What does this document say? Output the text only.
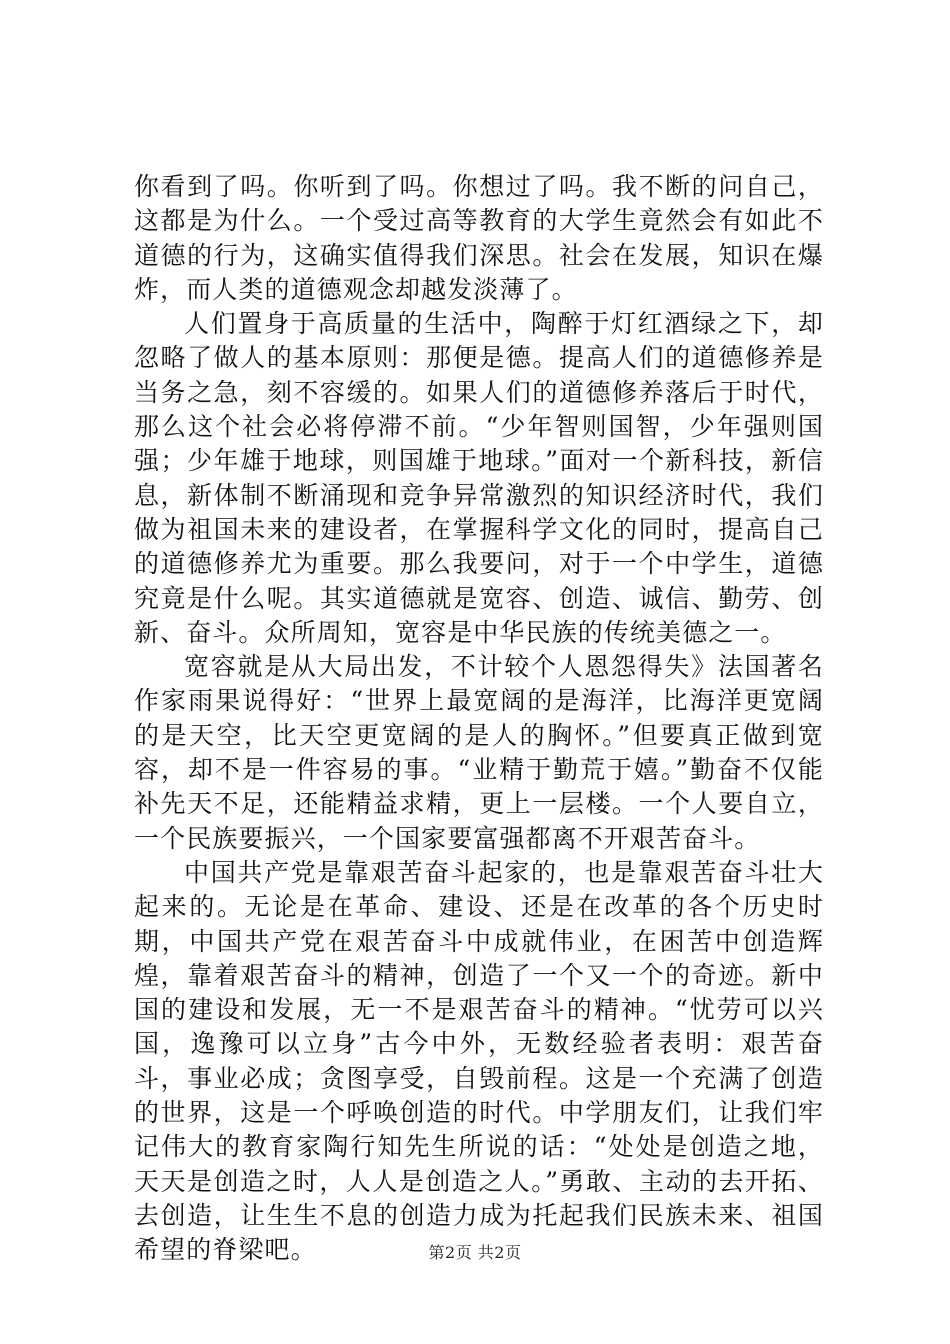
你看到了吗。你听到了吗。你想过了吗。我不断的问自己，这都是为什么。一个受过高等教育的大学生竟然会有如此不道德的行为，这确实值得我们深思。社会在发展，知识在爆炸，而人类的道德观念却越发淡薄了。

人们置身于高质量的生活中，陶醉于灯红酒绿之下，却忽略了做人的基本原则：那便是德。提高人们的道德修养是当务之急，刻不容缓的。如果人们的道德修养落后于时代，那么这个社会必将停滞不前。“少年智则国智，少年强则国强；少年雄于地球，则国雄于地球。”面对一个新科技，新信息，新体制不断涌现和竞争异常激烈的知识经济时代，我们做为祖国未来的建设者，在掌握科学文化的同时，提高自己的道德修养尤为重要。那么我要问，对于一个中学生，道德究竟是什么呢。其实道德就是宽容、创造、诚信、勤劳、创新、奋斗。众所周知，宽容是中华民族的传统美德之一。

宽容就是从大局出发，不计较个人恩怨得失》法国著名作家雨果说得好：“世界上最宽阔的是海洋，比海洋更宽阔的是天空，比天空更宽阔的是人的胸怀。”但要真正做到宽容，却不是一件容易的事。“业精于勤荒于嬉。”勤奋不仅能补先天不足，还能精益求精，更上一层楼。一个人要自立，一个民族要振兴，一个国家要富强都离不开艰苦奋斗。

中国共产党是靠艰苦奋斗起家的，也是靠艰苦奋斗壮大起来的。无论是在革命、建设、还是在改革的各个历史时期，中国共产党在艰苦奋斗中成就伟业，在困苦中创造辉煌，靠着艰苦奋斗的精神，创造了一个又一个的奇迹。新中国的建设和发展，无一不是艰苦奋斗的精神。“忧劳可以兴国，逸豫可以立身”古今中外，无数经验者表明：艰苦奋斗，事业必成；贪图享受，自毁前程。这是一个充满了创造的世界，这是一个呼唤创造的时代。中学朋友们，让我们牢记伟大的教育家陶行知先生所说的话：“处处是创造之地，天天是创造之时，人人是创造之人。”勇敢、主动的去开拓、去创造，让生生不息的创造力成为托起我们民族未来、祖国希望的脊梁吧。	第2页 共2页
